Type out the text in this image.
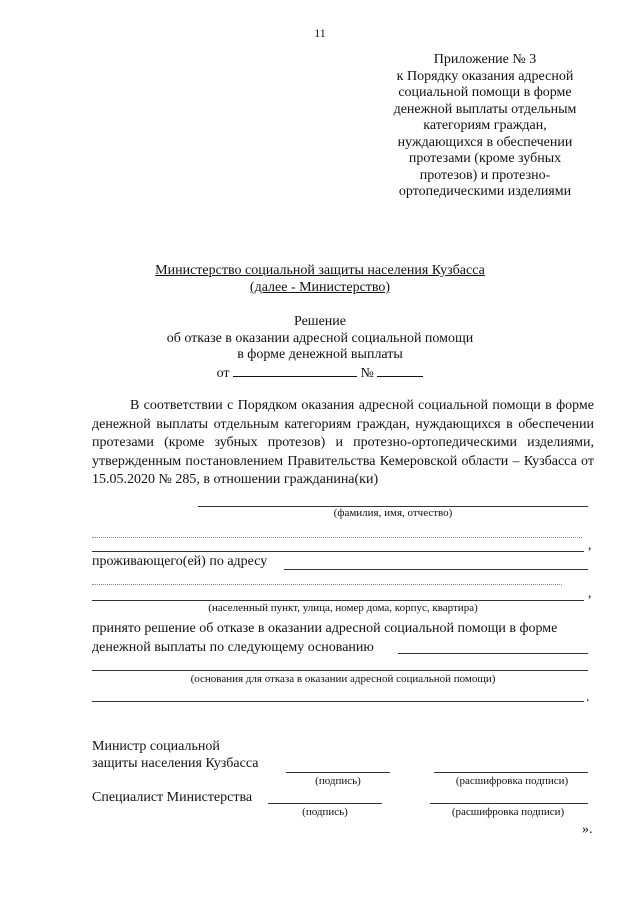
11
Приложение № 3
к Порядку оказания адресной
социальной помощи в форме
денежной выплаты отдельным
категориям граждан,
нуждающихся в обеспечении
протезами (кроме зубных
протезов) и протезно-
ортопедическими изделиями
Министерство социальной защиты населения Кузбасса
(далее - Министерство)
Решение
об отказе в оказании адресной социальной помощи
в форме денежной выплаты
от	№
В соответствии с Порядком оказания адресной социальной помощи в форме денежной выплаты отдельным категориям граждан, нуждающихся в обеспечении протезами (кроме зубных протезов) и протезно-ортопедическими изделиями, утвержденным постановлением Правительства Кемеровской области – Кузбасса от 15.05.2020 № 285, в отношении гражданина(ки)
(фамилия, имя, отчество)
,
проживающего(ей) по адресу
,
(населенный пункт, улица, номер дома, корпус, квартира)
принято решение об отказе в оказании адресной социальной помощи в форме денежной выплаты по следующему основанию
(основания для отказа в оказании адресной социальной помощи)
.
Министр социальной
защиты населения Кузбасса
(подпись)	(расшифровка подписи)
Специалист Министерства
(подпись)	(расшифровка подписи)
».
